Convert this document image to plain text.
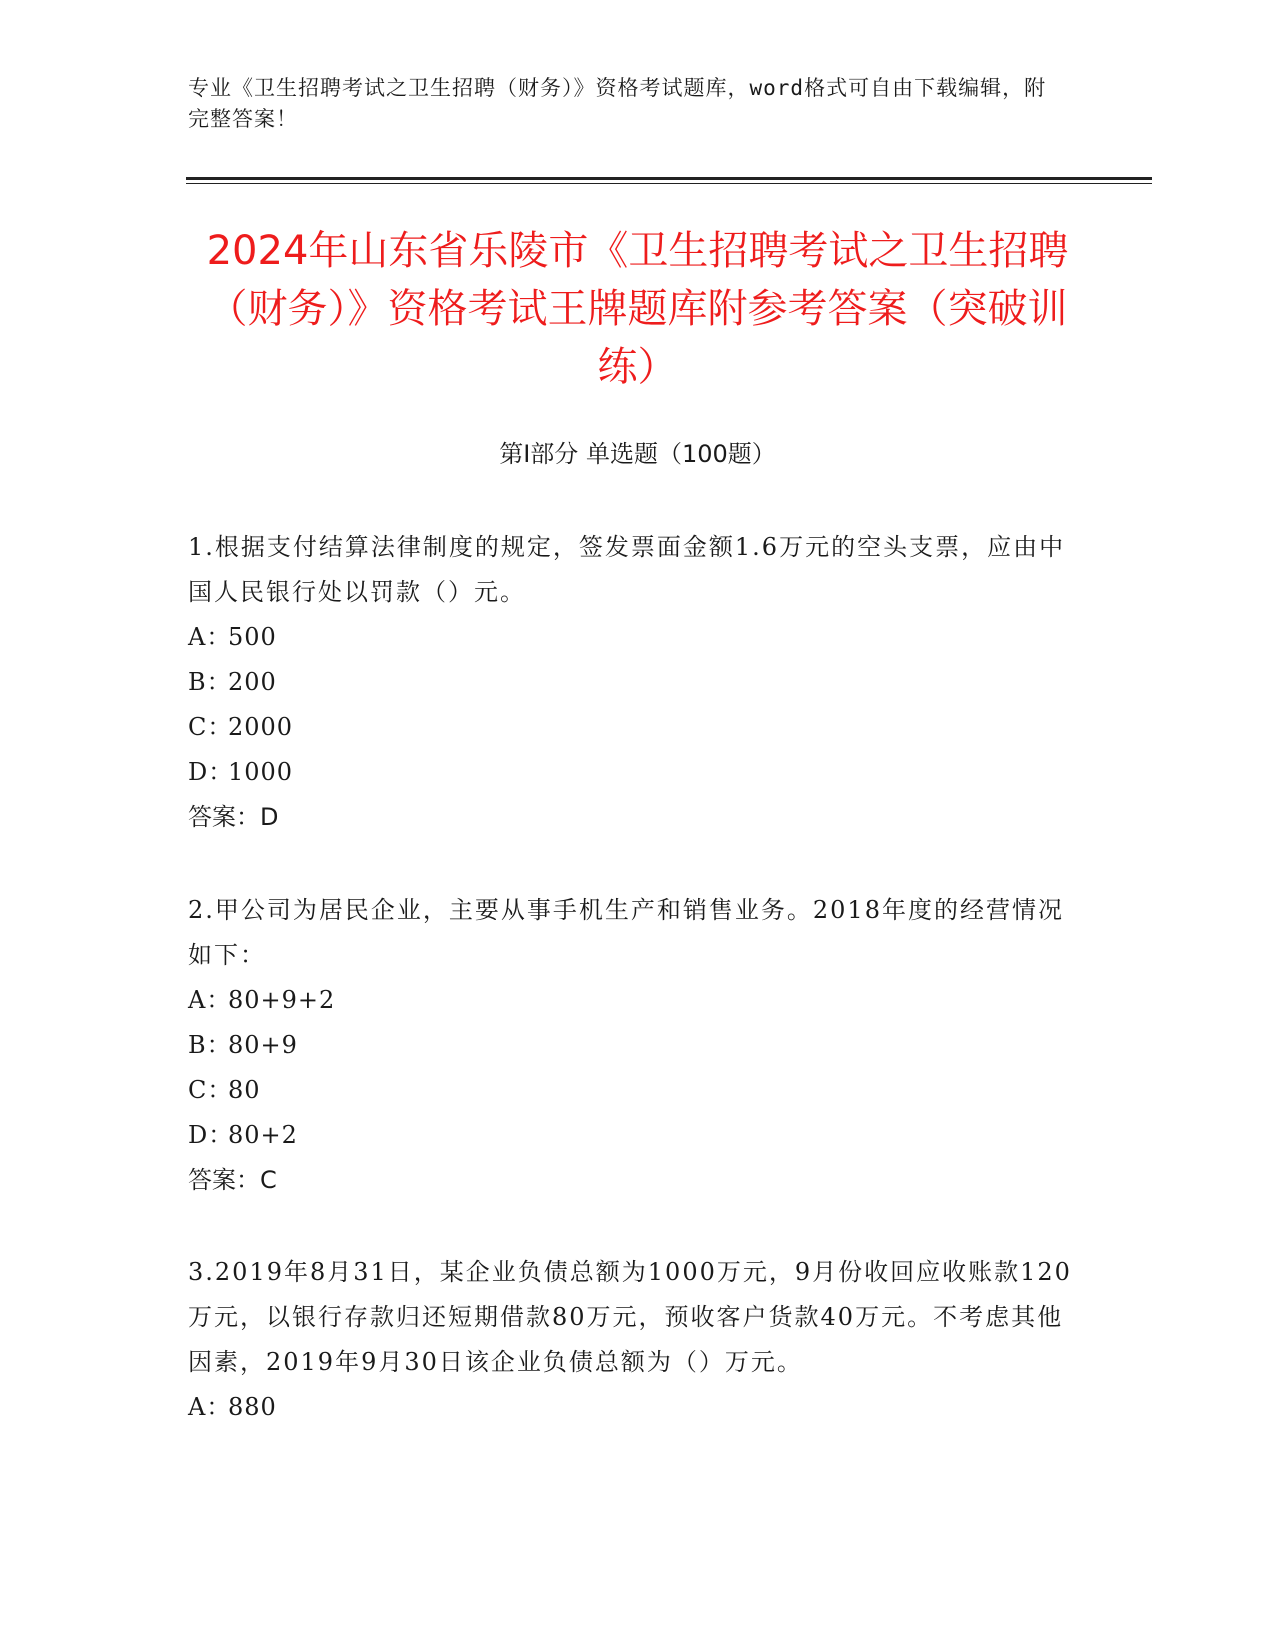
专业《卫生招聘考试之卫生招聘（财务）》资格考试题库，word格式可自由下载编辑，附完整答案！
2024年山东省乐陵市《卫生招聘考试之卫生招聘（财务）》资格考试王牌题库附参考答案（突破训练）
第I部分 单选题（100题）

1.根据支付结算法律制度的规定，签发票面金额1.6万元的空头支票，应由中国人民银行处以罚款（）元。

A：500

B：200

C：2000

D：1000

答案：D

2.甲公司为居民企业，主要从事手机生产和销售业务。2018年度的经营情况如下：

A：80+9+2

B：80+9

C：80

D：80+2

答案：C

3.2019年8月31日，某企业负债总额为1000万元，9月份收回应收账款120万元，以银行存款归还短期借款80万元，预收客户货款40万元。不考虑其他因素，2019年9月30日该企业负债总额为（）万元。

A：880
